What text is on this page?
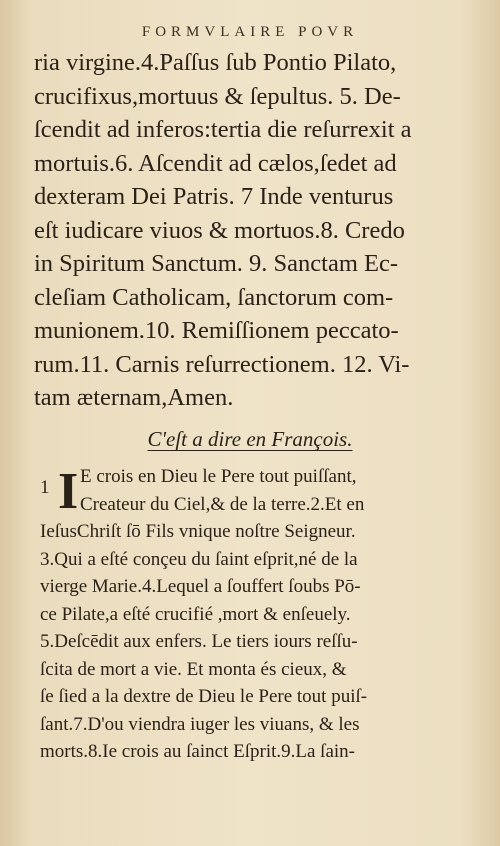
FORMVLAIRE POVR
ria virgine.4.Paſſus ſub Pontio Pilato,
crucifixus,mortuus & ſepultus. 5. De-
ſcendit ad inferos:tertia die reſurrexit a
mortuis.6. Aſcendit ad cælos,ſedet ad
dexteram Dei Patris. 7 Inde venturus
eſt iudicare viuos & mortuos.8. Credo
in Spiritum Sanctum. 9. Sanctam Ec-
cleſiam Catholicam, ſanctorum com-
munionem.10. Remiſſionem peccato-
rum.11. Carnis reſurrectionem. 12. Vi-
tam æternam,Amen.
C'eſt a dire en François.
1 I E crois en Dieu le Pere tout puiſſant,
Createur du Ciel,& de la terre.2.Et en
IeſusChriſt ſō Fils vnique noſtre Seigneur.
3.Qui a eſté conçeu du ſaint eſprit,né de la
vierge Marie.4.Lequel a ſouffert ſoubs Pō-
ce Pilate,a eſté crucifié ,mort & enſeuely.
5.Deſcēdit aux enfers. Le tiers iours reſſu-
ſcita de mort a vie. Et monta és cieux, &
ſe ſied a la dextre de Dieu le Pere tout puiſ-
ſant.7.D'ou viendra iuger les viuans, & les
morts.8.Ie crois au ſainct Eſprit.9.La ſain-
